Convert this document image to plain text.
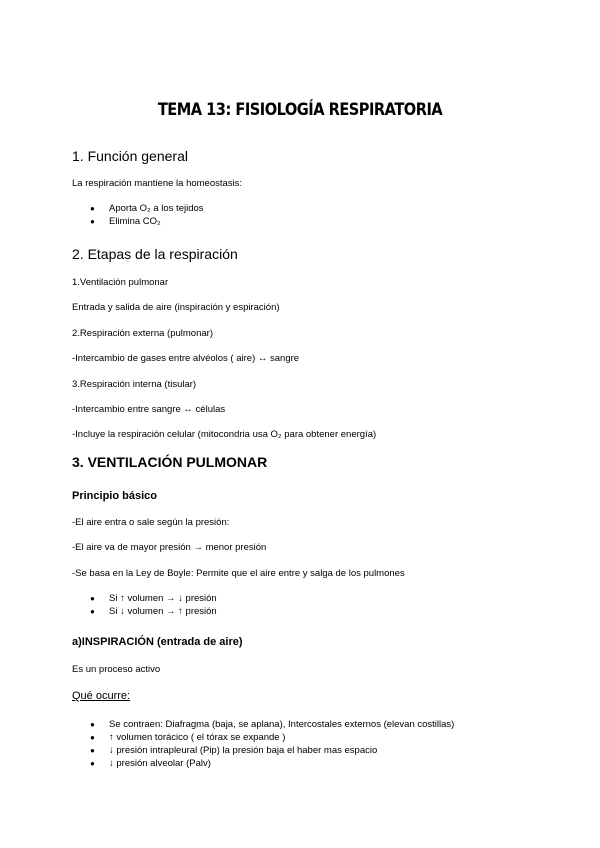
TEMA 13: FISIOLOGÍA RESPIRATORIA
1. Función general
La respiración mantiene la homeostasis:
● Aporta O₂ a los tejidos
● Elimina CO₂
2. Etapas de la respiración
1.Ventilación pulmonar
Entrada y salida de aire (inspiración y espiración)
2.Respiración externa (pulmonar)
-Intercambio de gases entre alvéolos ( aire) ↔ sangre
3.Respiración interna (tisular)
-Intercambio entre sangre ↔ células
-Incluye la respiración celular (mitocondria usa O₂ para obtener energía)
3. VENTILACIÓN PULMONAR
Principio básico
-El aire entra o sale según la presión:
-El aire va de mayor presión → menor presión
-Se basa en la Ley de Boyle: Permite que el aire entre y salga de los pulmones
● Si ↑ volumen → ↓ presión
● Si ↓ volumen → ↑ presión
a)INSPIRACIÓN (entrada de aire)
Es un proceso activo
Qué ocurre:
● Se contraen: Diafragma (baja, se aplana), Intercostales externos (elevan costillas)
● ↑ volumen torácico ( el tórax se expande )
● ↓ presión intrapleural (Pip) la presión baja el haber mas espacio
● ↓ presión alveolar (Palv)
